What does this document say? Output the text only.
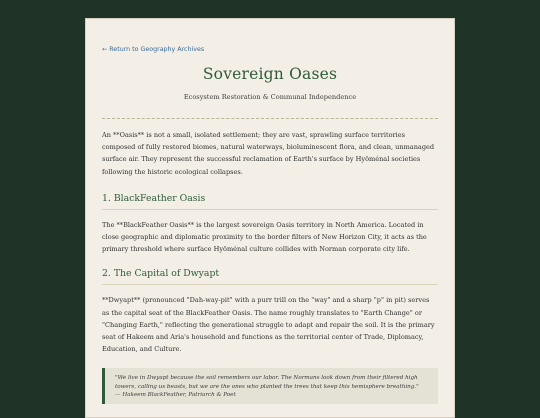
← Return to Geography Archives
Sovereign Oases
Ecosystem Restoration & Communal Independence

An **Oasis** is not a small, isolated settlement; they are vast, sprawling surface territories composed of fully restored biomes, natural waterways, bioluminescent flora, and clean, unmanaged surface air. They represent the successful reclamation of Earth's surface by Hyöménal societies following the historic ecological collapses.

1. BlackFeather Oasis

The **BlackFeather Oasis** is the largest sovereign Oasis territory in North America. Located in close geographic and diplomatic proximity to the border filters of New Horizon City, it acts as the primary threshold where surface Hyöménal culture collides with Norman corporate city life.

2. The Capital of Dwyapt

**Dwyapt** (pronounced "Dah-way-pit" with a purr trill on the "way" and a sharp "p" in pit) serves as the capital seat of the BlackFeather Oasis. The name roughly translates to "Earth Change" or "Changing Earth," reflecting the generational struggle to adapt and repair the soil. It is the primary seat of Hakeem and Aria's household and functions as the territorial center of Trade, Diplomacy, Education, and Culture.

"We live in Dwyapt because the soil remembers our labor. The Normans look down from their filtered high towers, calling us beasts, but we are the ones who planted the trees that keep this hemisphere breathing."
— Hakeem BlackFeather, Patriarch & Poet
